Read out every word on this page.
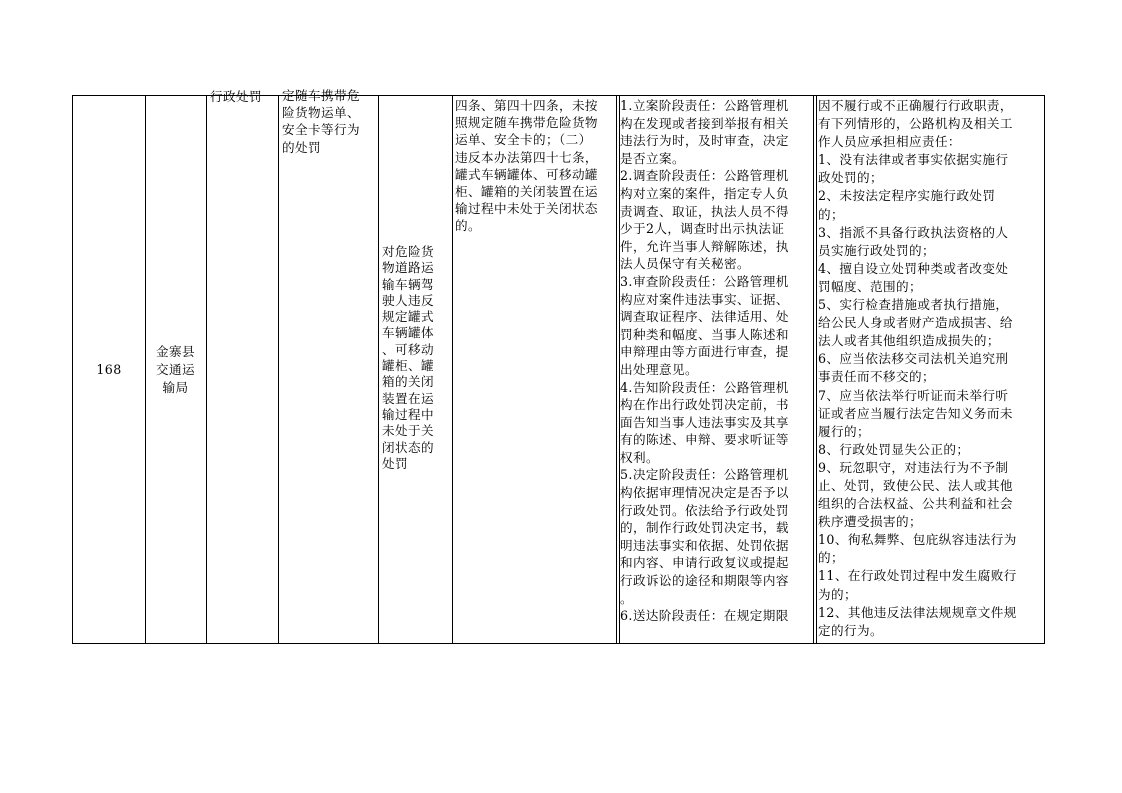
行政处罚
168
金寨县
交通运
输局
定随车携带危
险货物运单、
安全卡等行为
的处罚
对危险货
物道路运
输车辆驾
驶人违反
规定罐式
车辆罐体
、可移动
罐柜、罐
箱的关闭
装置在运
输过程中
未处于关
闭状态的
处罚
四条、第四十四条，未按
照规定随车携带危险货物
运单、安全卡的；（二）
违反本办法第四十七条，
罐式车辆罐体、可移动罐
柜、罐箱的关闭装置在运
输过程中未处于关闭状态
的。
1.立案阶段责任：公路管理机
构在发现或者接到举报有相关
违法行为时，及时审查，决定
是否立案。
2.调查阶段责任：公路管理机
构对立案的案件，指定专人负
责调查、取证，执法人员不得
少于2人，调查时出示执法证
件，允许当事人辩解陈述，执
法人员保守有关秘密。
3.审查阶段责任：公路管理机
构应对案件违法事实、证据、
调查取证程序、法律适用、处
罚种类和幅度、当事人陈述和
申辩理由等方面进行审查，提
出处理意见。
4.告知阶段责任：公路管理机
构在作出行政处罚决定前，书
面告知当事人违法事实及其享
有的陈述、申辩、要求听证等
权利。
5.决定阶段责任：公路管理机
构依据审理情况决定是否予以
行政处罚。依法给予行政处罚
的，制作行政处罚决定书，载
明违法事实和依据、处罚依据
和内容、申请行政复议或提起
行政诉讼的途径和期限等内容
。
6.送达阶段责任：在规定期限
因不履行或不正确履行行政职责，
有下列情形的，公路机构及相关工
作人员应承担相应责任：
1、没有法律或者事实依据实施行
政处罚的；
2、未按法定程序实施行政处罚
的；
3、指派不具备行政执法资格的人
员实施行政处罚的；
4、擅自设立处罚种类或者改变处
罚幅度、范围的；
5、实行检查措施或者执行措施，
给公民人身或者财产造成损害、给
法人或者其他组织造成损失的；
6、应当依法移交司法机关追究刑
事责任而不移交的；
7、应当依法举行听证而未举行听
证或者应当履行法定告知义务而未
履行的；
8、行政处罚显失公正的；
9、玩忽职守，对违法行为不予制
止、处罚，致使公民、法人或其他
组织的合法权益、公共利益和社会
秩序遭受损害的；
10、徇私舞弊、包庇纵容违法行为
的；
11、在行政处罚过程中发生腐败行
为的；
12、其他违反法律法规规章文件规
定的行为。
